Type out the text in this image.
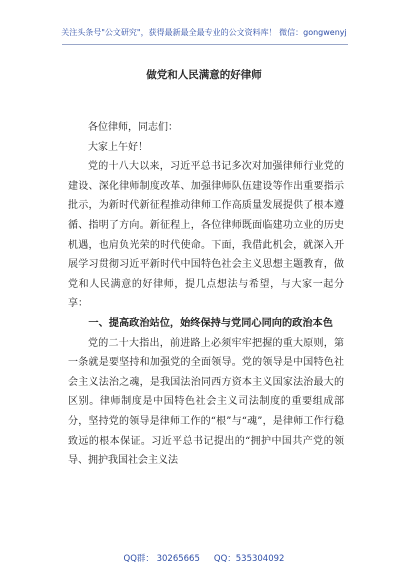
关注头条号"公文研究"，获得最新最全最专业的公文资料库！ 微信：gongwenyj
做党和人民满意的好律师

各位律师，同志们：

大家上午好！

党的十八大以来，习近平总书记多次对加强律师行业党的建设、深化律师制度改革、加强律师队伍建设等作出重要指示批示，为新时代新征程推动律师工作高质量发展提供了根本遵循、指明了方向。新征程上，各位律师既面临建功立业的历史机遇，也肩负光荣的时代使命。下面，我借此机会，就深入开展学习贯彻习近平新时代中国特色社会主义思想主题教育，做党和人民满意的好律师，提几点想法与希望，与大家一起分享：

一、提高政治站位，始终保持与党同心同向的政治本色

党的二十大指出，前进路上必须牢牢把握的重大原则，第一条就是要坚持和加强党的全面领导。党的领导是中国特色社会主义法治之魂，是我国法治同西方资本主义国家法治最大的区别。律师制度是中国特色社会主义司法制度的重要组成部分，坚持党的领导是律师工作的“根”与“魂”，是律师工作行稳致远的根本保证。习近平总书记提出的“拥护中国共产党的领导、拥护我国社会主义法

QQ群： 30265665 QQ：535304092
